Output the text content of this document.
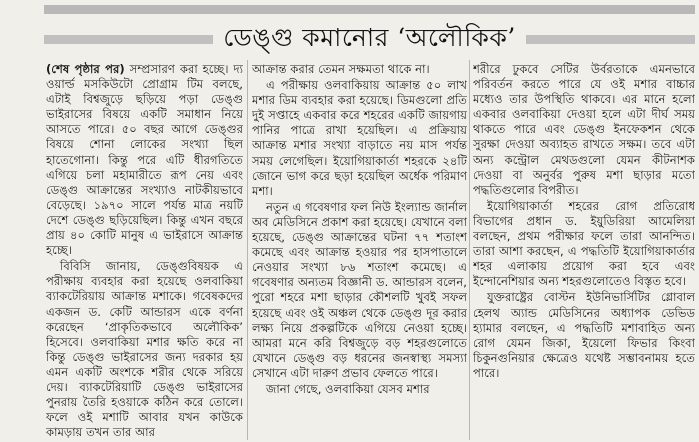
ডেঙ্গু কমানোর ‘অলৌকিক’

(শেষ পৃষ্ঠার পর) সম্প্রসারণ করা হচ্ছে। দ্য ওয়ার্ল্ড মসকিউটো প্রোগ্রাম টিম বলছে, এটাই বিশ্বজুড়ে ছড়িয়ে পড়া ডেঙ্গু ভাইরাসের বিষয়ে একটি সমাধান নিয়ে আসতে পারে। ৫০ বছর আগে ডেঙ্গুর বিষয়ে শোনা লোকের সংখ্যা ছিল হাতেগোনা। কিন্তু পরে এটি ধীরগতিতে এগিয়ে চলা মহামারীতে রূপ নেয় এবং ডেঙ্গু আক্রান্তের সংখ্যাও নাটকীয়ভাবে বেড়েছে। ১৯৭০ সালে পর্যন্ত মাত্র নয়টি দেশে ডেঙ্গু ছড়িয়েছিল। কিন্তু এখন বছরে প্রায় ৪০ কোটি মানুষ এ ভাইরাসে আক্রান্ত হচ্ছে।

বিবিসি জানায়, ডেঙ্গুবিষয়ক এ পরীক্ষায় ব্যবহার করা হয়েছে ওলবাকিয়া ব্যাকটেরিয়ায় আক্রান্ত মশাকে। গবেষকদের একজন ড. কেটি আন্ডারস একে বর্ণনা করেছেন ‘প্রাকৃতিকভাবে অলৌকিক’ হিসেবে। ওলবাকিয়া মশার ক্ষতি করে না কিন্তু ডেঙ্গু ভাইরাসের জন্য দরকার হয় এমন একটি অংশকে শরীর থেকে সরিয়ে দেয়। ব্যাকটেরিয়াটি ডেঙ্গু ভাইরাসের পুনরায় তৈরি হওয়াকে কঠিন করে তোলে। ফলে ওই মশাটি আবার যখন কাউকে কামড়ায় তখন তার আর

আক্রান্ত করার তেমন সক্ষমতা থাকে না।

এ পরীক্ষায় ওলবাকিয়ায় আক্রান্ত ৫০ লাখ মশার ডিম ব্যবহার করা হয়েছে। ডিমগুলো প্রতি দুই সপ্তাহে একবার করে শহরের একটি জায়গায় পানির পাত্রে রাখা হয়েছিল। এ প্রক্রিয়ায় আক্রান্ত মশার সংখ্যা বাড়াতে নয় মাস পর্যন্ত সময় লেগেছিল। ইয়োগিয়াকার্তা শহরকে ২৪টি জোনে ভাগ করে ছড়া হয়েছিল অর্ধেক পরিমাণ মশা।

নতুন এ গবেষণার ফল নিউ ইংল্যান্ড জার্নাল অব মেডিসিনে প্রকাশ করা হয়েছে। যেখানে বলা হয়েছে, ডেঙ্গু আক্রান্তের ঘটনা ৭৭ শতাংশ কমেছে এবং আক্রান্ত হওয়ার পর হাসপাতালে নেওয়ার সংখ্যা ৮৬ শতাংশ কমেছে। এ গবেষণার অন্যতম বিজ্ঞানী ড. আন্ডারস বলেন, পুরো শহরে মশা ছাড়ার কৌশলটি খুবই সফল হয়েছে এবং ওই অঞ্চল থেকে ডেঙ্গু দূর করার লক্ষ্য নিয়ে প্রকল্পটিকে এগিয়ে নেওয়া হচ্ছে। আমরা মনে করি বিশ্বজুড়ে বড় শহরগুলোতে যেখানে ডেঙ্গু বড় ধরনের জনস্বাস্থ্য সমস্যা সেখানে এটা দারুণ প্রভাব ফেলতে পারে।

জানা গেছে, ওলবাকিয়া যেসব মশার

শরীরে ঢুকবে সেটির উর্বরতাকে এমনভাবে পরিবর্তন করতে পারে যে ওই মশার বাচ্চার মধ্যেও তার উপস্থিতি থাকবে। এর মানে হলো একবার ওলবাকিয়া দেওয়া হলে এটা দীর্ঘ সময় থাকতে পারে এবং ডেঙ্গু ইনফেকশন থেকে সুরক্ষা দেওয়া অব্যাহত রাখতে সক্ষম। তবে এটা অন্য কন্ট্রোল মেথডগুলো যেমন কীটনাশক দেওয়া বা অনুর্বর পুরুষ মশা ছাড়ার মতো পদ্ধতিগুলোর বিপরীত।

ইয়োগিয়াকার্তা শহরের রোগ প্রতিরোধ বিভাগের প্রধান ড. ইয়ুডিরিয়া আমেলিয়া বলছেন, প্রথম পরীক্ষার ফলে তারা আনন্দিত। তারা আশা করছেন, এ পদ্ধতিটি ইয়োগিয়াকার্তার শহর এলাকায় প্রয়োগ করা হবে এবং ইন্দোনেশিয়ার অন্য শহরগুলোতেও বিস্তৃত হবে।

যুক্তরাষ্ট্রের বোস্টন ইউনিভার্সিটির গ্লোবাল হেলথ অ্যান্ড মেডিসিনের অধ্যাপক ডেভিড হ্যামার বলছেন, এ পদ্ধতিটি মশাবাহিত অন্য রোগ যেমন জিকা, ইয়েলো ফিভার কিংবা চিকুনগুনিয়ার ক্ষেত্রেও যথেষ্ট সম্ভাবনাময় হতে পারে।
